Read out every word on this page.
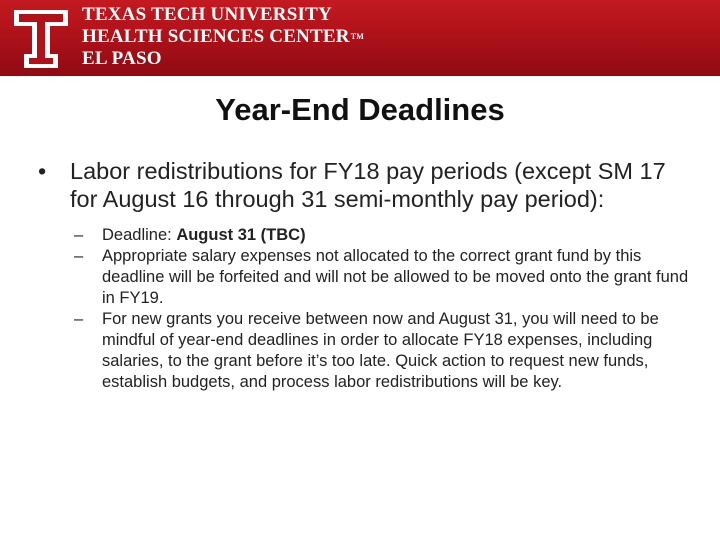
TEXAS TECH UNIVERSITY
HEALTH SCIENCES CENTER™
EL PASO
Year-End Deadlines
• Labor redistributions for FY18 pay periods (except SM 17 for August 16 through 31 semi-monthly pay period):
– Deadline: August 31 (TBC)
– Appropriate salary expenses not allocated to the correct grant fund by this deadline will be forfeited and will not be allowed to be moved onto the grant fund in FY19.
– For new grants you receive between now and August 31, you will need to be mindful of year-end deadlines in order to allocate FY18 expenses, including salaries, to the grant before it’s too late. Quick action to request new funds, establish budgets, and process labor redistributions will be key.
